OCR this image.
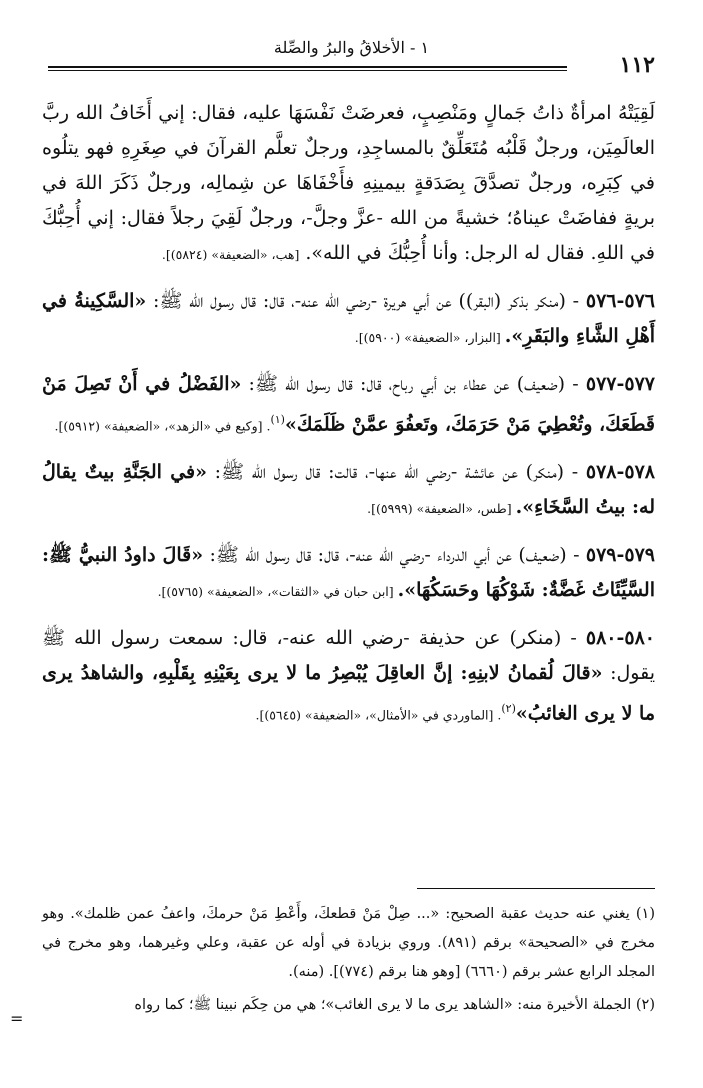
١١٢
١ - الأخلاقُ والبرُ والصِّلة

لَقِيَتْهُ امرأةٌ ذاتُ جَمالٍ ومَنْصِبٍ، فعرضَتْ نَفْسَهَا عليه، فقال: إني أَخَافُ الله ربَّ العالَمِيَن، ورجلٌ قَلْبُه مُتَعَلِّقٌ بالمساجِدِ، ورجلٌ تعلَّم القرآنَ في صِغَرِهِ فهو يتلُوه في كِبَرِه، ورجلٌ تصدَّقَ بِصَدَقةٍ بيمينِهِ فأَخْفَاهَا عن شِمالِه، ورجلٌ ذَكَرَ اللهَ في بريةٍ ففاضَتْ عيناهُ؛ خشيةً من الله -عزَّ وجلَّ-، ورجلٌ لَقِيَ رجلاً فقال: إني أُحِبُّكَ في اللهِ. فقال له الرجل: وأنا أُحِبُّكَ في الله». [هب، «الضعيفة» (٥٨٢٤)].

٥٧٦-٥٧٦ - (منكر بذكر (البقر)) عن أبي هريرة -رضي الله عنه-، قال: قال رسول الله ﷺ: «السَّكِينةُ في أَهْلِ الشَّاءِ والبَقَرِ». [البزار، «الضعيفة» (٥٩٠٠)].

٥٧٧-٥٧٧ - (ضعيف) عن عطاء بن أبي رباح، قال: قال رسول الله ﷺ: «الفَضْلُ في أَنْ تَصِلَ مَنْ قَطَعَكَ، وتُعْطِيَ مَنْ حَرَمَكَ، وتَعفُوَ عمَّنْ ظَلَمَكَ»$^{(١)}$. [وكيع في «الزهد»، «الضعيفة» (٥٩١٢)].

٥٧٨-٥٧٨ - (منكر) عن عائشة -رضي الله عنها-، قالت: قال رسول الله ﷺ: «في الجَنَّةِ بيتٌ يقالُ له: بيتُ السَّخَاءِ». [طس، «الضعيفة» (٥٩٩٩)].

٥٧٩-٥٧٩ - (ضعيف) عن أبي الدرداء -رضي الله عنه-، قال: قال رسول الله ﷺ: «قَالَ داودُ النبيُّ ﷺ: السَّيِّئَاتُ غَضَّةٌ: شَوْكُهَا وحَسَكُهَا». [ابن حبان في «الثقات»، «الضعيفة» (٥٧٦٥)].

٥٨٠-٥٨٠ - (منكر) عن حذيفة -رضي الله عنه-، قال: سمعت رسول الله ﷺ يقول: «قالَ لُقمانُ لابنِهِ: إنَّ العاقِلَ يُبْصِرُ ما لا يرى بِعَيْنِهِ بِقَلْبِهِ، والشاهدُ يرى ما لا يرى الغائبُ»$^{(٢)}$. [الماوردي في «الأمثال»، «الضعيفة» (٥٦٤٥)].

(١) يغني عنه حديث عقبة الصحيح: «... صِلْ مَنْ قطعكَ، وأَعْطِ مَنْ حرمكَ، واعفُ عمن ظلمك». وهو مخرج في «الصحيحة» برقم (٨٩١). وروي بزيادة في أوله عن عقبة، وعلي وغيرهما، وهو مخرج في المجلد الرابع عشر برقم (٦٦٦٠) [وهو هنا برقم (٧٧٤)]. (منه).

(٢) الجملة الأخيرة منه: «الشاهد يرى ما لا يرى الغائب»؛ هي من حِكَم نبينا ﷺ؛ كما رواه

=
